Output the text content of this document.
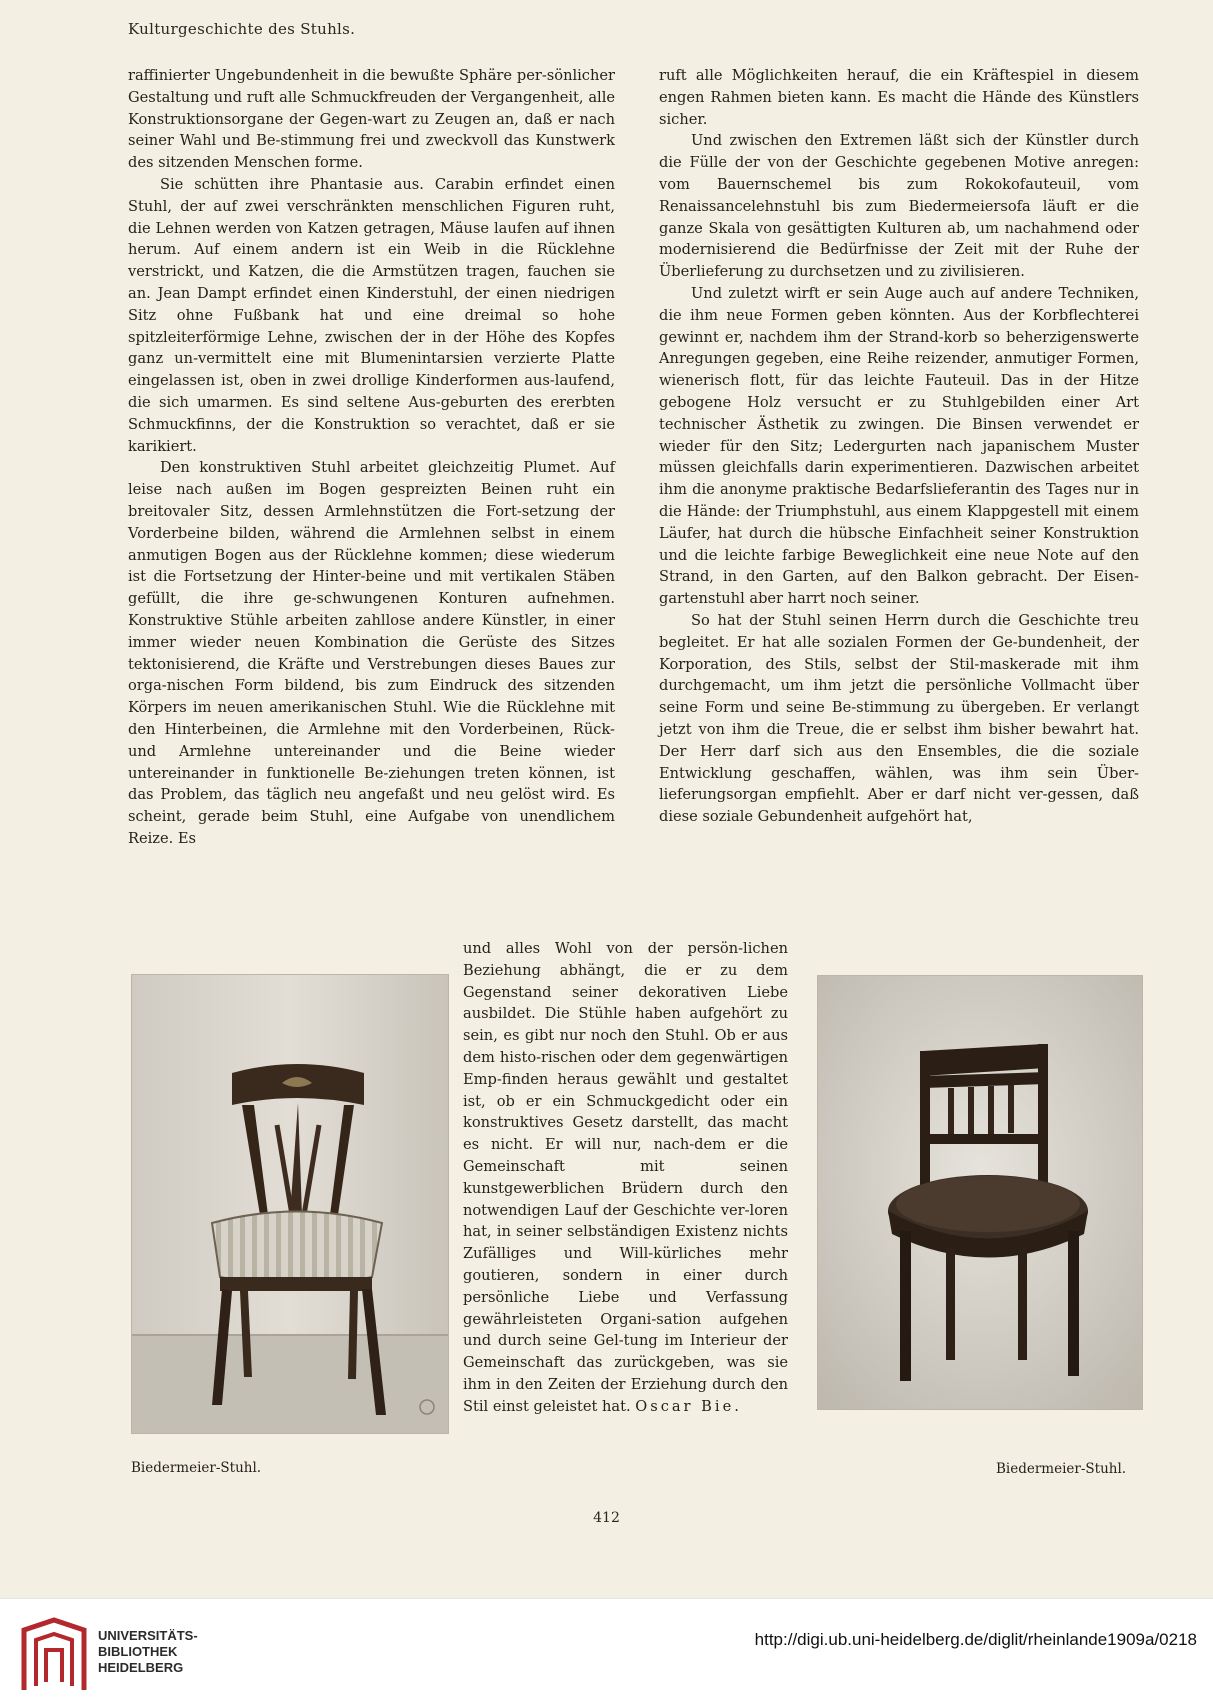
Kulturgeschichte des Stuhls.

raffinierter Ungebundenheit in die bewußte Sphäre per-sönlicher Gestaltung und ruft alle Schmuckfreuden der Vergangenheit, alle Konstruktionsorgane der Gegen-wart zu Zeugen an, daß er nach seiner Wahl und Be-stimmung frei und zweckvoll das Kunstwerk des sitzenden Menschen forme.

Sie schütten ihre Phantasie aus. Carabin erfindet einen Stuhl, der auf zwei verschränkten menschlichen Figuren ruht, die Lehnen werden von Katzen getragen, Mäuse laufen auf ihnen herum. Auf einem andern ist ein Weib in die Rücklehne verstrickt, und Katzen, die die Armstützen tragen, fauchen sie an. Jean Dampt erfindet einen Kinderstuhl, der einen niedrigen Sitz ohne Fußbank hat und eine dreimal so hohe spitzleiterförmige Lehne, zwischen der in der Höhe des Kopfes ganz un-vermittelt eine mit Blumenintarsien verzierte Platte eingelassen ist, oben in zwei drollige Kinderformen aus-laufend, die sich umarmen. Es sind seltene Aus-geburten des ererbten Schmuckfinns, der die Konstruktion so verachtet, daß er sie karikiert.

Den konstruktiven Stuhl arbeitet gleichzeitig Plumet. Auf leise nach außen im Bogen gespreizten Beinen ruht ein breitovaler Sitz, dessen Armlehnstützen die Fort-setzung der Vorderbeine bilden, während die Armlehnen selbst in einem anmutigen Bogen aus der Rücklehne kommen; diese wiederum ist die Fortsetzung der Hinter-beine und mit vertikalen Stäben gefüllt, die ihre ge-schwungenen Konturen aufnehmen. Konstruktive Stühle arbeiten zahllose andere Künstler, in einer immer wieder neuen Kombination die Gerüste des Sitzes tektonisierend, die Kräfte und Verstrebungen dieses Baues zur orga-nischen Form bildend, bis zum Eindruck des sitzenden Körpers im neuen amerikanischen Stuhl. Wie die Rücklehne mit den Hinterbeinen, die Armlehne mit den Vorderbeinen, Rück- und Armlehne untereinander und die Beine wieder untereinander in funktionelle Be-ziehungen treten können, ist das Problem, das täglich neu angefaßt und neu gelöst wird. Es scheint, gerade beim Stuhl, eine Aufgabe von unendlichem Reize. Es

ruft alle Möglichkeiten herauf, die ein Kräftespiel in diesem engen Rahmen bieten kann. Es macht die Hände des Künstlers sicher.

Und zwischen den Extremen läßt sich der Künstler durch die Fülle der von der Geschichte gegebenen Motive anregen: vom Bauernschemel bis zum Rokokofauteuil, vom Renaissancelehnstuhl bis zum Biedermeiersofa läuft er die ganze Skala von gesättigten Kulturen ab, um nachahmend oder modernisierend die Bedürfnisse der Zeit mit der Ruhe der Überlieferung zu durchsetzen und zu zivilisieren.

Und zuletzt wirft er sein Auge auch auf andere Techniken, die ihm neue Formen geben könnten. Aus der Korbflechterei gewinnt er, nachdem ihm der Strand-korb so beherzigenswerte Anregungen gegeben, eine Reihe reizender, anmutiger Formen, wienerisch flott, für das leichte Fauteuil. Das in der Hitze gebogene Holz versucht er zu Stuhlgebilden einer Art technischer Ästhetik zu zwingen. Die Binsen verwendet er wieder für den Sitz; Ledergurten nach japanischem Muster müssen gleichfalls darin experimentieren. Dazwischen arbeitet ihm die anonyme praktische Bedarfslieferantin des Tages nur in die Hände: der Triumphstuhl, aus einem Klappgestell mit einem Läufer, hat durch die hübsche Einfachheit seiner Konstruktion und die leichte farbige Beweglichkeit eine neue Note auf den Strand, in den Garten, auf den Balkon gebracht. Der Eisen-gartenstuhl aber harrt noch seiner.

So hat der Stuhl seinen Herrn durch die Geschichte treu begleitet. Er hat alle sozialen Formen der Ge-bundenheit, der Korporation, des Stils, selbst der Stil-maskerade mit ihm durchgemacht, um ihm jetzt die persönliche Vollmacht über seine Form und seine Be-stimmung zu übergeben. Er verlangt jetzt von ihm die Treue, die er selbst ihm bisher bewahrt hat. Der Herr darf sich aus den Ensembles, die die soziale Entwicklung geschaffen, wählen, was ihm sein Über-lieferungsorgan empfiehlt. Aber er darf nicht ver-gessen, daß diese soziale Gebundenheit aufgehört hat,

und alles Wohl von der persön-lichen Beziehung abhängt, die er zu dem Gegenstand seiner dekorativen Liebe ausbildet. Die Stühle haben aufgehört zu sein, es gibt nur noch den Stuhl. Ob er aus dem histo-rischen oder dem gegenwärtigen Emp-finden heraus gewählt und gestaltet ist, ob er ein Schmuckgedicht oder ein konstruktives Gesetz darstellt, das macht es nicht. Er will nur, nach-dem er die Gemeinschaft mit seinen kunstgewerblichen Brüdern durch den notwendigen Lauf der Geschichte ver-loren hat, in seiner selbständigen Existenz nichts Zufälliges und Will-kürliches mehr goutieren, sondern in einer durch persönliche Liebe und Verfassung gewährleisteten Organi-sation aufgehen und durch seine Gel-tung im Interieur der Gemeinschaft das zurückgeben, was sie ihm in den Zeiten der Erziehung durch den Stil einst geleistet hat. Oscar Bie.

Biedermeier-Stuhl.	Biedermeier-Stuhl.
412
UNIVERSITÄTS-
BIBLIOTHEK
HEIDELBERG
http://digi.ub.uni-heidelberg.de/diglit/rheinlande1909a/0218
